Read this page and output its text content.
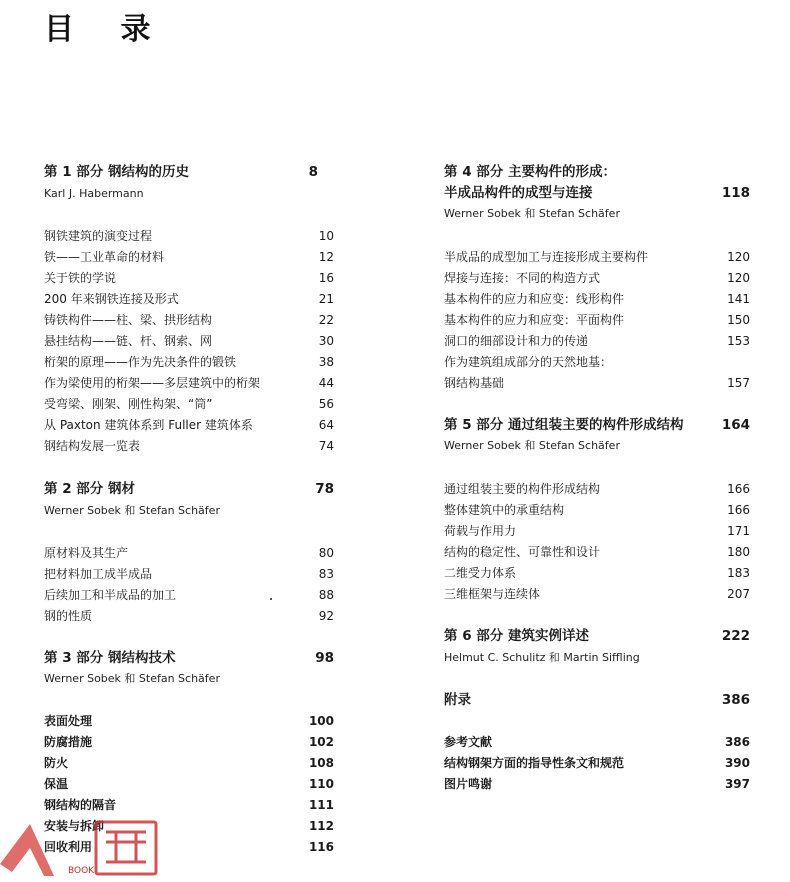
目 录
第 1 部分 钢结构的历史	8
Karl J. Habermann
钢铁建筑的演变过程	10
铁——工业革命的材料	12
关于铁的学说	16
200 年来钢铁连接及形式	21
铸铁构件——柱、梁、拱形结构	22
悬挂结构——链、杆、钢索、网	30
桁架的原理——作为先决条件的锻铁	38
作为梁使用的桁架——多层建筑中的桁架	44
受弯梁、刚架、刚性构架、“筒”	56
从 Paxton 建筑体系到 Fuller 建筑体系	64
钢结构发展一览表	74
第 2 部分 钢材	78
Werner Sobek 和 Stefan Schäfer
原材料及其生产	80
把材料加工成半成品	83
后续加工和半成品的加工	88
钢的性质	92
第 3 部分 钢结构技术	98
Werner Sobek 和 Stefan Schäfer
表面处理	100
防腐措施	102
防火	108
保温	110
钢结构的隔音	111
安装与拆卸	112
回收利用	116
第 4 部分 主要构件的形成：
半成品构件的成型与连接	118
Werner Sobek 和 Stefan Schäfer
半成品的成型加工与连接形成主要构件	120
焊接与连接：不同的构造方式	120
基本构件的应力和应变：线形构件	141
基本构件的应力和应变：平面构件	150
洞口的细部设计和力的传递	153
作为建筑组成部分的天然地基：
钢结构基础	157
第 5 部分 通过组装主要的构件形成结构	164
Werner Sobek 和 Stefan Schäfer
通过组装主要的构件形成结构	166
整体建筑中的承重结构	166
荷载与作用力	171
结构的稳定性、可靠性和设计	180
二维受力体系	183
三维框架与连续体	207
第 6 部分 建筑实例详述	222
Helmut C. Schulitz 和 Martin Siffling
附录	386
参考文献	386
结构钢架方面的指导性条文和规范	390
图片鸣谢	397
BOOK
